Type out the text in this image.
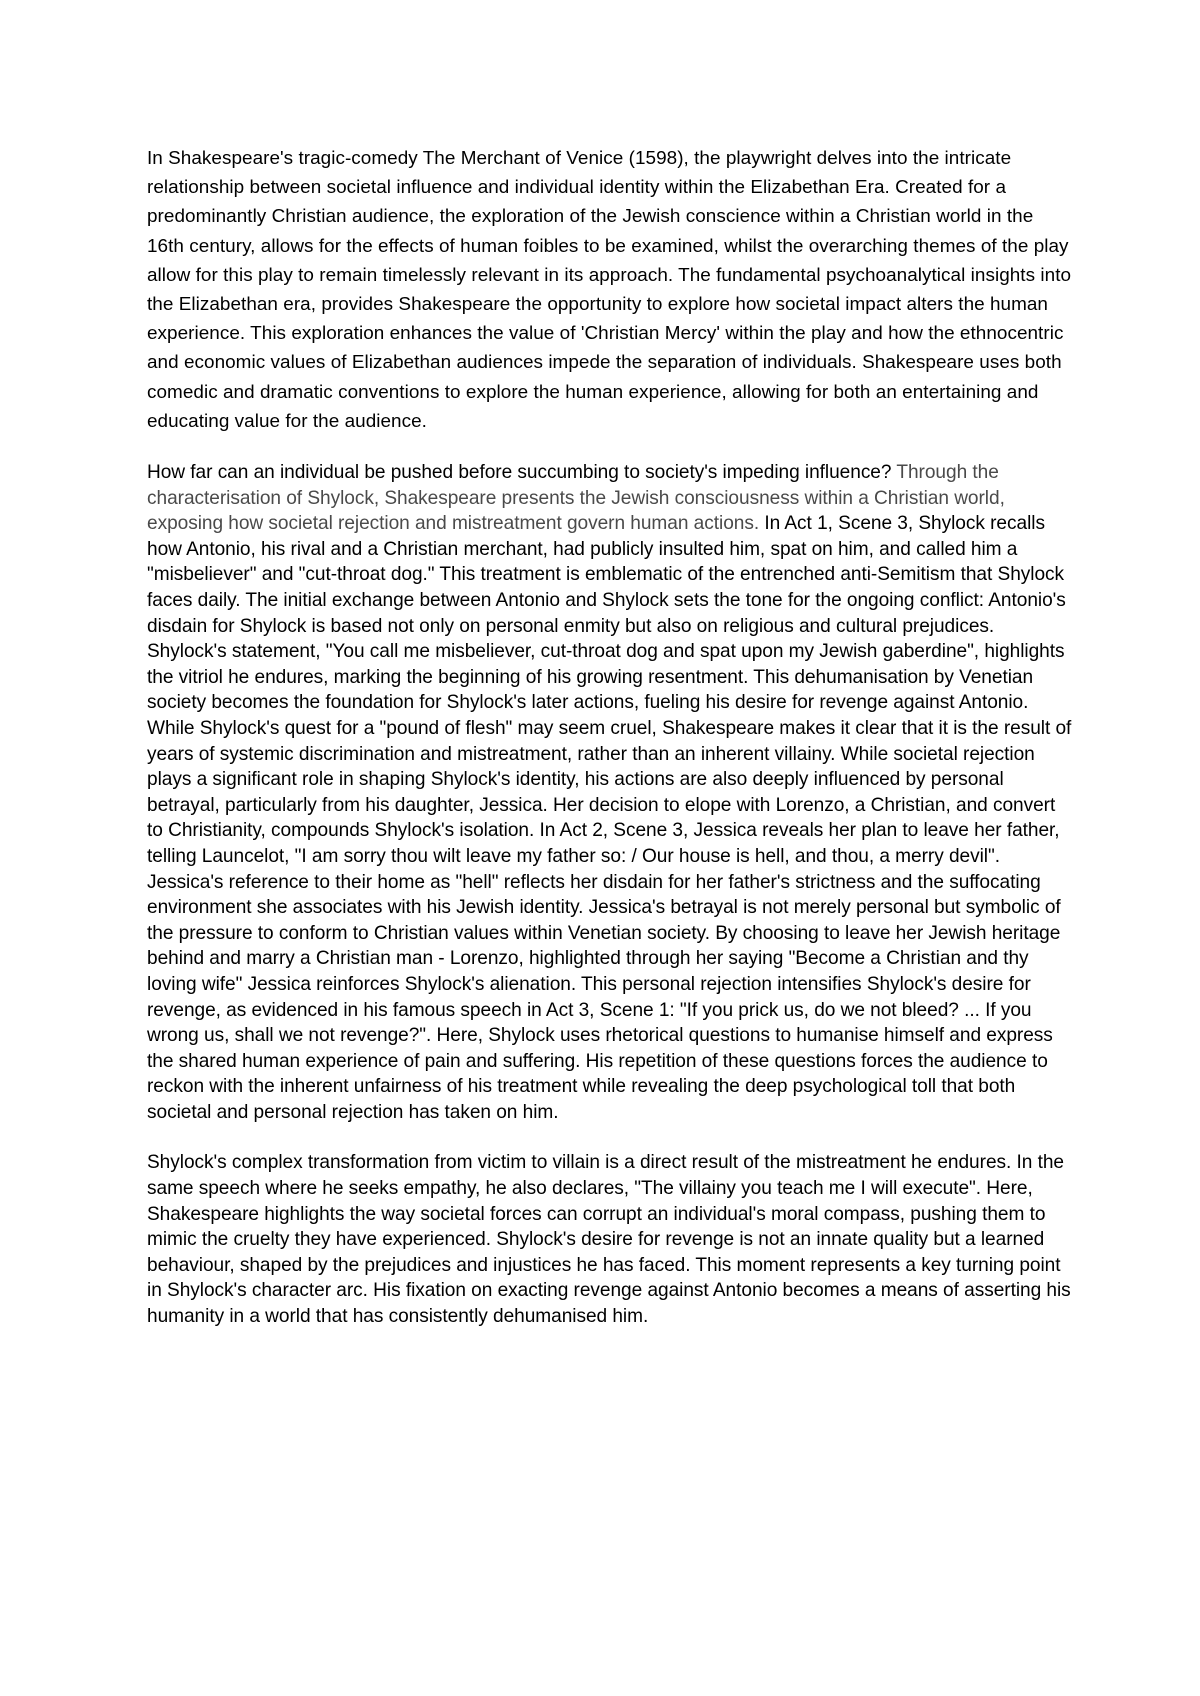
In Shakespeare's tragic-comedy The Merchant of Venice (1598), the playwright delves into the intricate relationship between societal influence and individual identity within the Elizabethan Era. Created for a predominantly Christian audience, the exploration of the Jewish conscience within a Christian world in the 16th century, allows for the effects of human foibles to be examined, whilst the overarching themes of the play allow for this play to remain timelessly relevant in its approach. The fundamental psychoanalytical insights into the Elizabethan era, provides Shakespeare the opportunity to explore how societal impact alters the human experience. This exploration enhances the value of 'Christian Mercy' within the play and how the ethnocentric and economic values of Elizabethan audiences impede the separation of individuals. Shakespeare uses both comedic and dramatic conventions to explore the human experience, allowing for both an entertaining and educating value for the audience.

How far can an individual be pushed before succumbing to society's impeding influence? Through the characterisation of Shylock, Shakespeare presents the Jewish consciousness within a Christian world, exposing how societal rejection and mistreatment govern human actions. In Act 1, Scene 3, Shylock recalls how Antonio, his rival and a Christian merchant, had publicly insulted him, spat on him, and called him a "misbeliever" and "cut-throat dog." This treatment is emblematic of the entrenched anti-Semitism that Shylock faces daily. The initial exchange between Antonio and Shylock sets the tone for the ongoing conflict: Antonio's disdain for Shylock is based not only on personal enmity but also on religious and cultural prejudices. Shylock's statement, "You call me misbeliever, cut-throat dog and spat upon my Jewish gaberdine", highlights the vitriol he endures, marking the beginning of his growing resentment. This dehumanisation by Venetian society becomes the foundation for Shylock's later actions, fueling his desire for revenge against Antonio. While Shylock's quest for a "pound of flesh" may seem cruel, Shakespeare makes it clear that it is the result of years of systemic discrimination and mistreatment, rather than an inherent villainy. While societal rejection plays a significant role in shaping Shylock's identity, his actions are also deeply influenced by personal betrayal, particularly from his daughter, Jessica. Her decision to elope with Lorenzo, a Christian, and convert to Christianity, compounds Shylock's isolation. In Act 2, Scene 3, Jessica reveals her plan to leave her father, telling Launcelot, "I am sorry thou wilt leave my father so: / Our house is hell, and thou, a merry devil". Jessica's reference to their home as "hell" reflects her disdain for her father's strictness and the suffocating environment she associates with his Jewish identity. Jessica's betrayal is not merely personal but symbolic of the pressure to conform to Christian values within Venetian society. By choosing to leave her Jewish heritage behind and marry a Christian man - Lorenzo, highlighted through her saying "Become a Christian and thy loving wife" Jessica reinforces Shylock's alienation. This personal rejection intensifies Shylock's desire for revenge, as evidenced in his famous speech in Act 3, Scene 1: "If you prick us, do we not bleed? ... If you wrong us, shall we not revenge?". Here, Shylock uses rhetorical questions to humanise himself and express the shared human experience of pain and suffering. His repetition of these questions forces the audience to reckon with the inherent unfairness of his treatment while revealing the deep psychological toll that both societal and personal rejection has taken on him.

Shylock's complex transformation from victim to villain is a direct result of the mistreatment he endures. In the same speech where he seeks empathy, he also declares, "The villainy you teach me I will execute". Here, Shakespeare highlights the way societal forces can corrupt an individual's moral compass, pushing them to mimic the cruelty they have experienced. Shylock's desire for revenge is not an innate quality but a learned behaviour, shaped by the prejudices and injustices he has faced. This moment represents a key turning point in Shylock's character arc. His fixation on exacting revenge against Antonio becomes a means of asserting his humanity in a world that has consistently dehumanised him.
